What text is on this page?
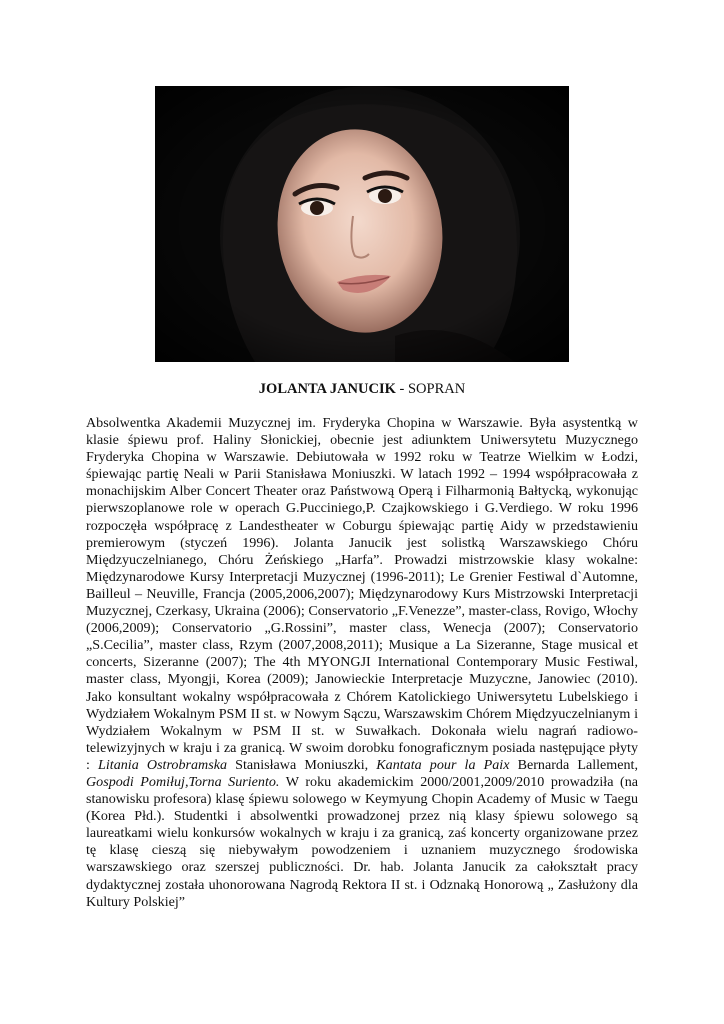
JOLANTA JANUCIK - SOPRAN

Absolwentka Akademii Muzycznej im. Fryderyka Chopina w Warszawie. Była asystentką w klasie śpiewu prof. Haliny Słonickiej, obecnie jest adiunktem Uniwersytetu Muzycznego Fryderyka Chopina w Warszawie. Debiutowała w 1992 roku w Teatrze Wielkim w Łodzi, śpiewając partię Neali w Parii Stanisława Moniuszki. W latach 1992 – 1994 współpracowała z monachijskim Alber Concert Theater oraz Państwową Operą i Filharmonią Bałtycką, wykonując pierwszoplanowe role w operach G.Pucciniego,P. Czajkowskiego i G.Verdiego. W roku 1996 rozpoczęła współpracę z Landestheater w Coburgu śpiewając partię Aidy w przedstawieniu premierowym (styczeń 1996). Jolanta Janucik jest solistką Warszawskiego Chóru Międzyuczelnianego, Chóru Żeńskiego „Harfa”. Prowadzi mistrzowskie klasy wokalne: Międzynarodowe Kursy Interpretacji Muzycznej (1996-2011); Le Grenier Festiwal d`Automne, Bailleul – Neuville, Francja (2005,2006,2007); Międzynarodowy Kurs Mistrzowski Interpretacji Muzycznej, Czerkasy, Ukraina (2006); Conservatorio „F.Venezze”, master-class, Rovigo, Włochy (2006,2009); Conservatorio „G.Rossini”, master class, Wenecja (2007); Conservatorio „S.Cecilia”, master class, Rzym (2007,2008,2011); Musique a La Sizeranne, Stage musical et concerts, Sizeranne (2007); The 4th MYONGJI International Contemporary Music Festiwal, master class, Myongji, Korea (2009); Janowieckie Interpretacje Muzyczne, Janowiec (2010). Jako konsultant wokalny współpracowała z Chórem Katolickiego Uniwersytetu Lubelskiego i Wydziałem Wokalnym PSM II st. w Nowym Sączu, Warszawskim Chórem Międzyuczelnianym i Wydziałem Wokalnym w PSM II st. w Suwałkach. Dokonała wielu nagrań radiowo-telewizyjnych w kraju i za granicą. W swoim dorobku fonograficznym posiada następujące płyty : Litania Ostrobramska Stanisława Moniuszki, Kantata pour la Paix Bernarda Lallement, Gospodi Pomiłuj,Torna Suriento. W roku akademickim 2000/2001,2009/2010 prowadziła (na stanowisku profesora) klasę śpiewu solowego w Keymyung Chopin Academy of Music w Taegu (Korea Płd.). Studentki i absolwentki prowadzonej przez nią klasy śpiewu solowego są laureatkami wielu konkursów wokalnych w kraju i za granicą, zaś koncerty organizowane przez tę klasę cieszą się niebywałym powodzeniem i uznaniem muzycznego środowiska warszawskiego oraz szerszej publiczności. Dr. hab. Jolanta Janucik za całokształt pracy dydaktycznej została uhonorowana Nagrodą Rektora II st. i Odznaką Honorową „ Zasłużony dla Kultury Polskiej”
